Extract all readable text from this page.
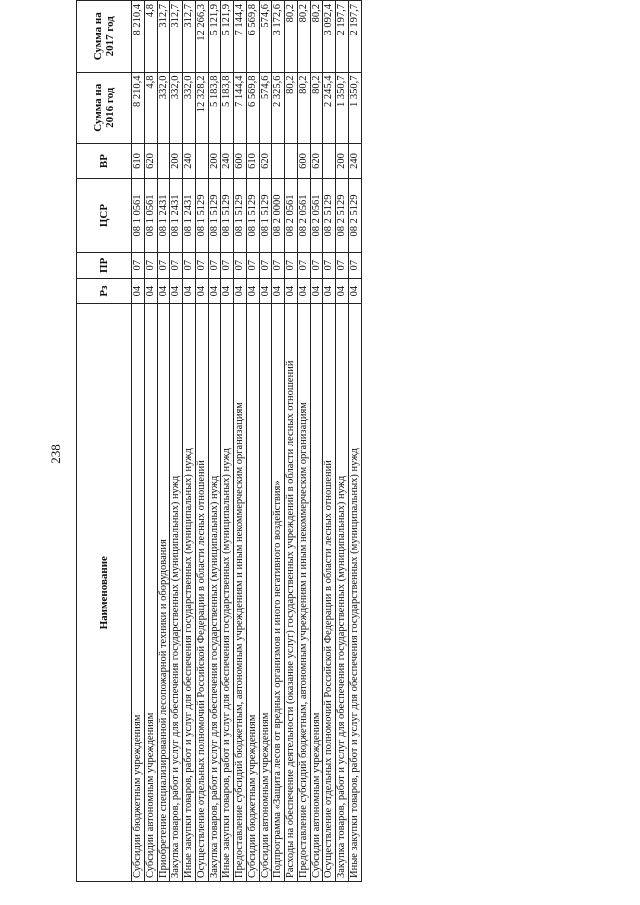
238
Наименование	Рз	ПР	ЦСР	ВР	Сумма на 2016 год	Сумма на 2017 год
Субсидии бюджетным учреждениям	04	07	08 1 0561	610	8 210,4	8 210,4
Субсидии автономным учреждениям	04	07	08 1 0561	620	4,8	4,8
Приобретение специализированной лесопожарной техники и оборудования	04	07	08 1 2431		332,0	312,7
Закупка товаров, работ и услуг для обеспечения государственных (муниципальных) нужд	04	07	08 1 2431	200	332,0	312,7
Иные закупки товаров, работ и услуг для обеспечения государственных (муниципальных) нужд	04	07	08 1 2431	240	332,0	312,7
Осуществление отдельных полномочий Российской Федерации в области лесных отношений	04	07	08 1 5129		12 328,2	12 266,3
Закупка товаров, работ и услуг для обеспечения государственных (муниципальных) нужд	04	07	08 1 5129	200	5 183,8	5 121,9
Иные закупки товаров, работ и услуг для обеспечения государственных (муниципальных) нужд	04	07	08 1 5129	240	5 183,8	5 121,9
Предоставление субсидий бюджетным, автономным учреждениям и иным некоммерческим организациям	04	07	08 1 5129	600	7 144,4	7 144,4
Субсидии бюджетным учреждениям	04	07	08 1 5129	610	6 569,8	6 569,8
Субсидии автономным учреждениям	04	07	08 1 5129	620	574,6	574,6
Подпрограмма «Защита лесов от вредных организмов и иного негативного воздействия»	04	07	08 2 0000		2 325,6	3 172,6
Расходы на обеспечение деятельности (оказание услуг) государственных учреждений в области лесных отношений	04	07	08 2 0561		80,2	80,2
Предоставление субсидий бюджетным, автономным учреждениям и иным некоммерческим организациям	04	07	08 2 0561	600	80,2	80,2
Субсидии автономным учреждениям	04	07	08 2 0561	620	80,2	80,2
Осуществление отдельных полномочий Российской Федерации в области лесных отношений	04	07	08 2 5129		2 245,4	3 092,4
Закупка товаров, работ и услуг для обеспечения государственных (муниципальных) нужд	04	07	08 2 5129	200	1 350,7	2 197,7
Иные закупки товаров, работ и услуг для обеспечения государственных (муниципальных) нужд	04	07	08 2 5129	240	1 350,7	2 197,7
